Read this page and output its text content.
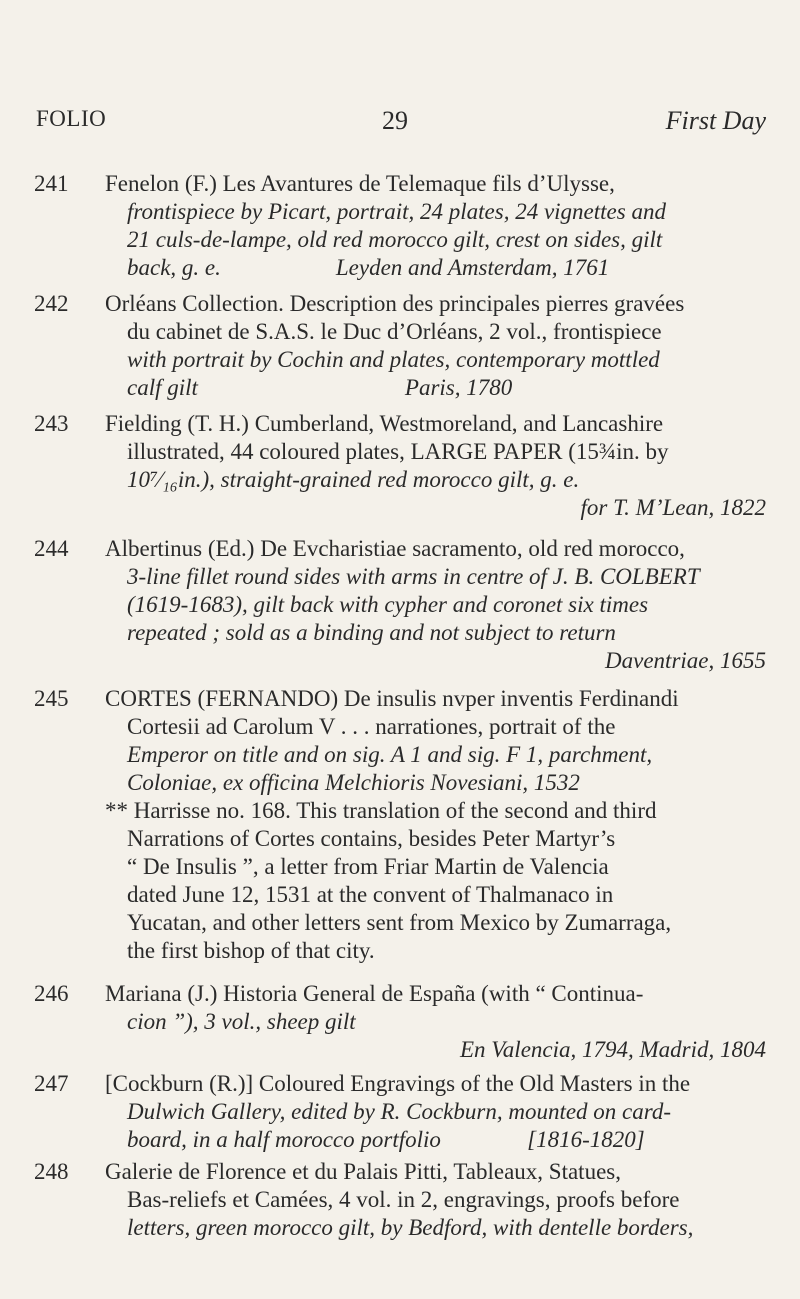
FOLIO	29	First Day
241 Fenelon (F.) Les Avantures de Telemaque fils d’Ulysse,
frontispiece by Picart, portrait, 24 plates, 24 vignettes and
21 culs-de-lampe, old red morocco gilt, crest on sides, gilt
back, g. e.                    Leyden and Amsterdam, 1761
242 Orléans Collection. Description des principales pierres gravées
du cabinet de S.A.S. le Duc d’Orléans, 2 vol., frontispiece
with portrait by Cochin and plates, contemporary mottled
calf gilt                                    Paris, 1780
243 Fielding (T. H.) Cumberland, Westmoreland, and Lancashire
illustrated, 44 coloured plates, LARGE PAPER (15¾in. by
10⁷⁄₁₆in.), straight-grained red morocco gilt, g. e.
for T. M’Lean, 1822
244 Albertinus (Ed.) De Evcharistiae sacramento, old red morocco,
3-line fillet round sides with arms in centre of J. B. COLBERT
(1619-1683), gilt back with cypher and coronet six times
repeated ; sold as a binding and not subject to return
Daventriae, 1655
245 CORTES (FERNANDO) De insulis nvper inventis Ferdinandi
Cortesii ad Carolum V . . . narrationes, portrait of the
Emperor on title and on sig. A 1 and sig. F 1, parchment,
Coloniae, ex officina Melchioris Novesiani, 1532
** Harrisse no. 168. This translation of the second and third
Narrations of Cortes contains, besides Peter Martyr’s
“ De Insulis ”, a letter from Friar Martin de Valencia
dated June 12, 1531 at the convent of Thalmanaco in
Yucatan, and other letters sent from Mexico by Zumarraga,
the first bishop of that city.
246 Mariana (J.) Historia General de España (with “ Continua-
cion ”), 3 vol., sheep gilt
En Valencia, 1794, Madrid, 1804
247 [Cockburn (R.)] Coloured Engravings of the Old Masters in the
Dulwich Gallery, edited by R. Cockburn, mounted on card-
board, in a half morocco portfolio               [1816-1820]
248 Galerie de Florence et du Palais Pitti, Tableaux, Statues,
Bas-reliefs et Camées, 4 vol. in 2, engravings, proofs before
letters, green morocco gilt, by Bedford, with dentelle borders,
